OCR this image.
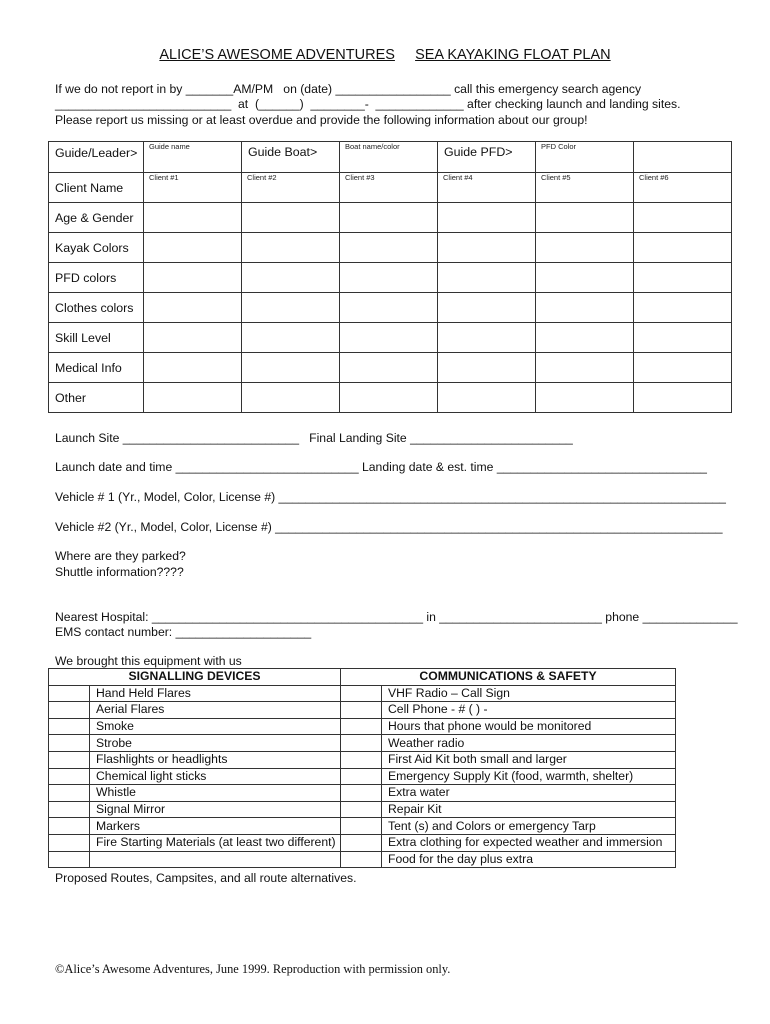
ALICE’S AWESOME ADVENTURES SEA KAYAKING FLOAT PLAN
If we do not report in by _______AM/PM   on (date) _________________ call this emergency search agency
__________________________  at  (______)  ________-  _____________ after checking launch and landing sites.
Please report us missing or at least overdue and provide the following information about our group!
Guide/Leader>	Guide name	Guide Boat>	Boat name/color	Guide PFD>	PFD Color	

Client Name	Client #1	Client #2	Client #3	Client #4	Client #5	Client #6

Age & Gender						
Kayak Colors						
PFD colors						
Clothes colors						
Skill Level						
Medical Info						
Other						
Launch Site __________________________   Final Landing Site ________________________
Launch date and time ___________________________ Landing date & est. time _______________________________
Vehicle # 1 (Yr., Model, Color, License #) __________________________________________________________________
Vehicle #2 (Yr., Model, Color, License #) __________________________________________________________________
Where are they parked?
Shuttle information????
Nearest Hospital: ________________________________________ in ________________________ phone ______________
EMS contact number: ____________________
We brought this equipment with us
SIGNALLING DEVICES		COMMUNICATIONS & SAFETY	
	Hand Held Flares		VHF Radio – Call Sign
	Aerial Flares		Cell Phone - # ( ) -
	Smoke		Hours that phone would be monitored
	Strobe		Weather radio
	Flashlights or headlights		First Aid Kit both small and larger
	Chemical light sticks		Emergency Supply Kit (food, warmth, shelter)
	Whistle		Extra water
	Signal Mirror		Repair Kit
	Markers		Tent (s) and Colors or emergency Tarp
	Fire Starting Materials (at least two different)		Extra clothing for expected weather and immersion
			Food for the day plus extra
Proposed Routes, Campsites, and all route alternatives.
©Alice’s Awesome Adventures, June 1999. Reproduction with permission only.
